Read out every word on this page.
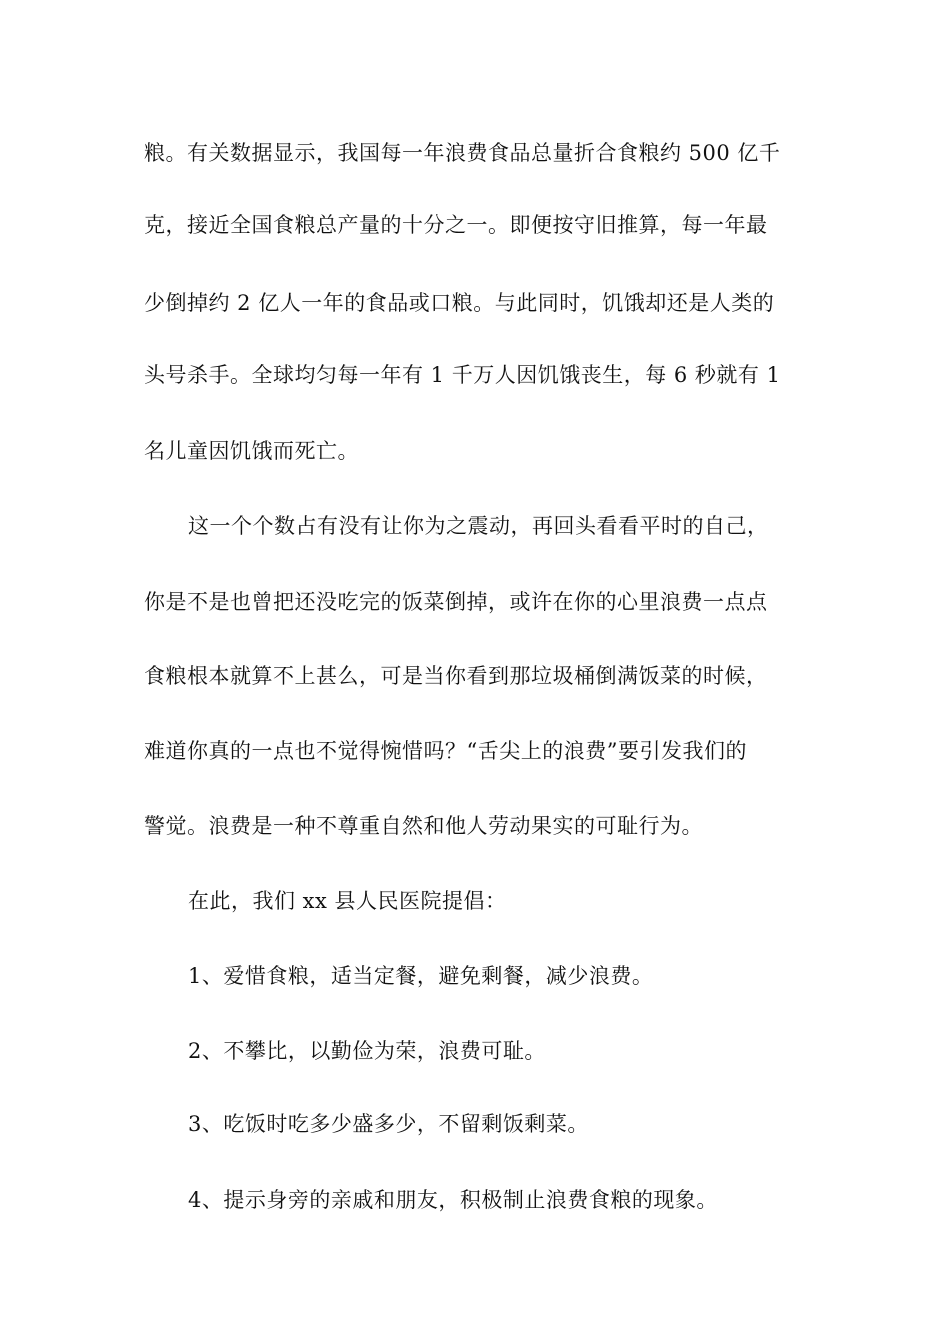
粮。有关数据显示，我国每一年浪费食品总量折合食粮约 500 亿千
克，接近全国食粮总产量的十分之一。即便按守旧推算，每一年最
少倒掉约 2 亿人一年的食品或口粮。与此同时，饥饿却还是人类的
头号杀手。全球均匀每一年有 1 千万人因饥饿丧生，每 6 秒就有 1
名儿童因饥饿而死亡。
这一个个数占有没有让你为之震动，再回头看看平时的自己，
你是不是也曾把还没吃完的饭菜倒掉，或许在你的心里浪费一点点
食粮根本就算不上甚么，可是当你看到那垃圾桶倒满饭菜的时候，
难道你真的一点也不觉得惋惜吗？“舌尖上的浪费”要引发我们的
警觉。浪费是一种不尊重自然和他人劳动果实的可耻行为。
在此，我们 xx 县人民医院提倡：
1、爱惜食粮，适当定餐，避免剩餐，减少浪费。
2、不攀比，以勤俭为荣，浪费可耻。
3、吃饭时吃多少盛多少，不留剩饭剩菜。
4、提示身旁的亲戚和朋友，积极制止浪费食粮的现象。
